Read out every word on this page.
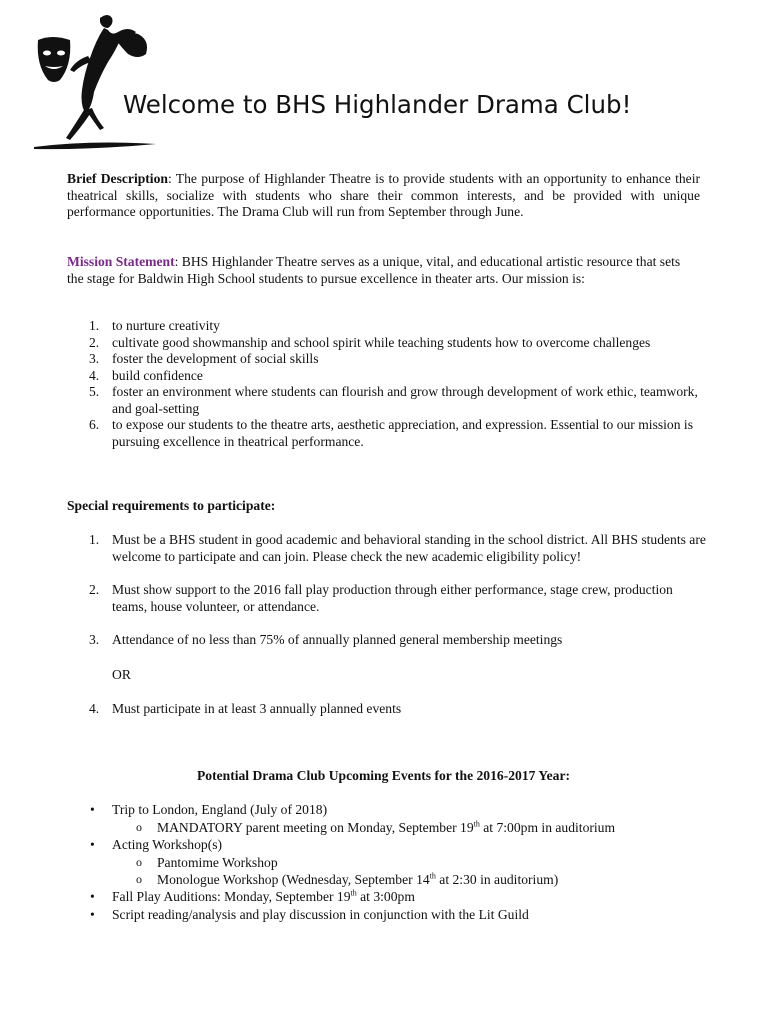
Welcome to BHS Highlander Drama Club!

Brief Description: The purpose of Highlander Theatre is to provide students with an opportunity to enhance their theatrical skills, socialize with students who share their common interests, and be provided with unique performance opportunities. The Drama Club will run from September through June.

Mission Statement: BHS Highlander Theatre serves as a unique, vital, and educational artistic resource that sets the stage for Baldwin High School students to pursue excellence in theater arts. Our mission is:

1. to nurture creativity
2. cultivate good showmanship and school spirit while teaching students how to overcome challenges
3. foster the development of social skills
4. build confidence
5. foster an environment where students can flourish and grow through development of work ethic, teamwork, and goal-setting
6. to expose our students to the theatre arts, aesthetic appreciation, and expression. Essential to our mission is pursuing excellence in theatrical performance.
Special requirements to participate:
1. Must be a BHS student in good academic and behavioral standing in the school district. All BHS students are welcome to participate and can join. Please check the new academic eligibility policy!
2. Must show support to the 2016 fall play production through either performance, stage crew, production teams, house volunteer, or attendance.
3. Attendance of no less than 75% of annually planned general membership meetings
OR
4. Must participate in at least 3 annually planned events
Potential Drama Club Upcoming Events for the 2016-2017 Year:
• Trip to London, England (July of 2018)
o MANDATORY parent meeting on Monday, September 19th at 7:00pm in auditorium
• Acting Workshop(s)
o Pantomime Workshop
o Monologue Workshop (Wednesday, September 14th at 2:30 in auditorium)
• Fall Play Auditions: Monday, September 19th at 3:00pm
• Script reading/analysis and play discussion in conjunction with the Lit Guild
